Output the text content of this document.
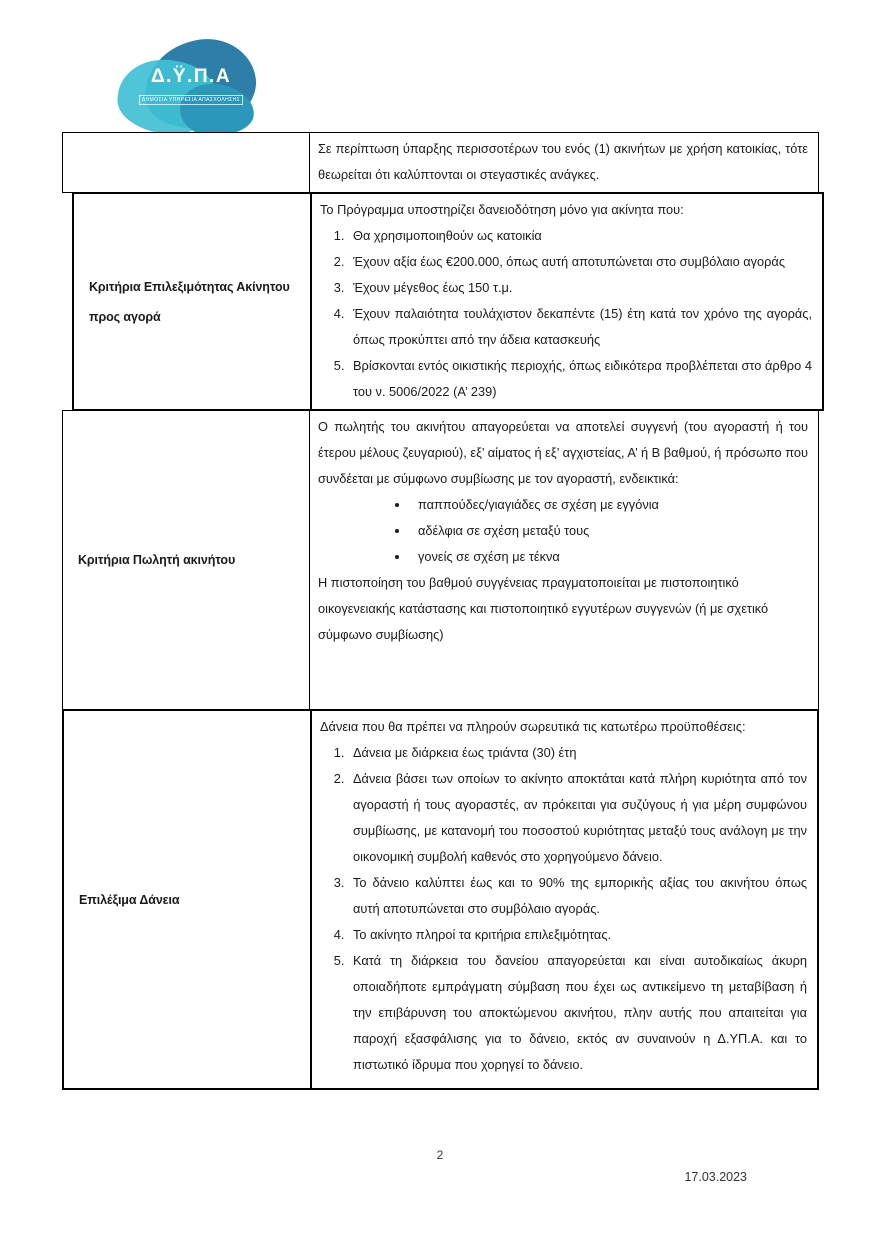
Δ.Ϋ.Π.Α
ΔΗΜΟΣΙΑ ΥΠΗΡΕΣΙΑ ΑΠΑΣΧΟΛΗΣΗΣ

Σε περίπτωση ύπαρξης περισσοτέρων του ενός (1) ακινήτων με χρήση κατοικίας, τότε θεωρείται ότι καλύπτονται οι στεγαστικές ανάγκες.

Κριτήρια Επιλεξιμότητας Ακίνητου προς αγορά

Το Πρόγραμμα υποστηρίζει δανειοδότηση μόνο για ακίνητα που:

1. Θα χρησιμοποιηθούν ως κατοικία
2. Έχουν αξία έως €200.000, όπως αυτή αποτυπώνεται στο συμβόλαιο αγοράς
3. Έχουν μέγεθος έως 150 τ.μ.
4. Έχουν παλαιότητα τουλάχιστον δεκαπέντε (15) έτη κατά τον χρόνο της αγοράς, όπως προκύπτει από την άδεια κατασκευής
5. Βρίσκονται εντός οικιστικής περιοχής, όπως ειδικότερα προβλέπεται στο άρθρο 4 του ν. 5006/2022 (Α’ 239)
Κριτήρια Πωλητή ακινήτου

Ο πωλητής του ακινήτου απαγορεύεται να αποτελεί συγγενή (του αγοραστή ή του έτερου μέλους ζευγαριού), εξ’ αίματος ή εξ’ αγχιστείας, Α’ ή Β βαθμού, ή πρόσωπο που συνδέεται με σύμφωνο συμβίωσης με τον αγοραστή, ενδεικτικά:

• παππούδες/γιαγιάδες σε σχέση με εγγόνια
• αδέλφια σε σχέση μεταξύ τους
• γονείς σε σχέση με τέκνα

Η πιστοποίηση του βαθμού συγγένειας πραγματοποιείται με πιστοποιητικό οικογενειακής κατάστασης και πιστοποιητικό εγγυτέρων συγγενών (ή με σχετικό σύμφωνο συμβίωσης)

Επιλέξιμα Δάνεια

Δάνεια που θα πρέπει να πληρούν σωρευτικά τις κατωτέρω προϋποθέσεις:

1. Δάνεια με διάρκεια έως τριάντα (30) έτη
2. Δάνεια βάσει των οποίων το ακίνητο αποκτάται κατά πλήρη κυριότητα από τον αγοραστή ή τους αγοραστές, αν πρόκειται για συζύγους ή για μέρη συμφώνου συμβίωσης, με κατανομή του ποσοστού κυριότητας μεταξύ τους ανάλογη με την οικονομική συμβολή καθενός στο χορηγούμενο δάνειο.
3. Το δάνειο καλύπτει έως και το 90% της εμπορικής αξίας του ακινήτου όπως αυτή αποτυπώνεται στο συμβόλαιο αγοράς.
4. Το ακίνητο πληροί τα κριτήρια επιλεξιμότητας.
5. Κατά τη διάρκεια του δανείου απαγορεύεται και είναι αυτοδικαίως άκυρη οποιαδήποτε εμπράγματη σύμβαση που έχει ως αντικείμενο τη μεταβίβαση ή την επιβάρυνση του αποκτώμενου ακινήτου, πλην αυτής που απαιτείται για παροχή εξασφάλισης για το δάνειο, εκτός αν συναινούν η Δ.ΥΠ.Α. και το πιστωτικό ίδρυμα που χορηγεί το δάνειο.
2
17.03.2023
